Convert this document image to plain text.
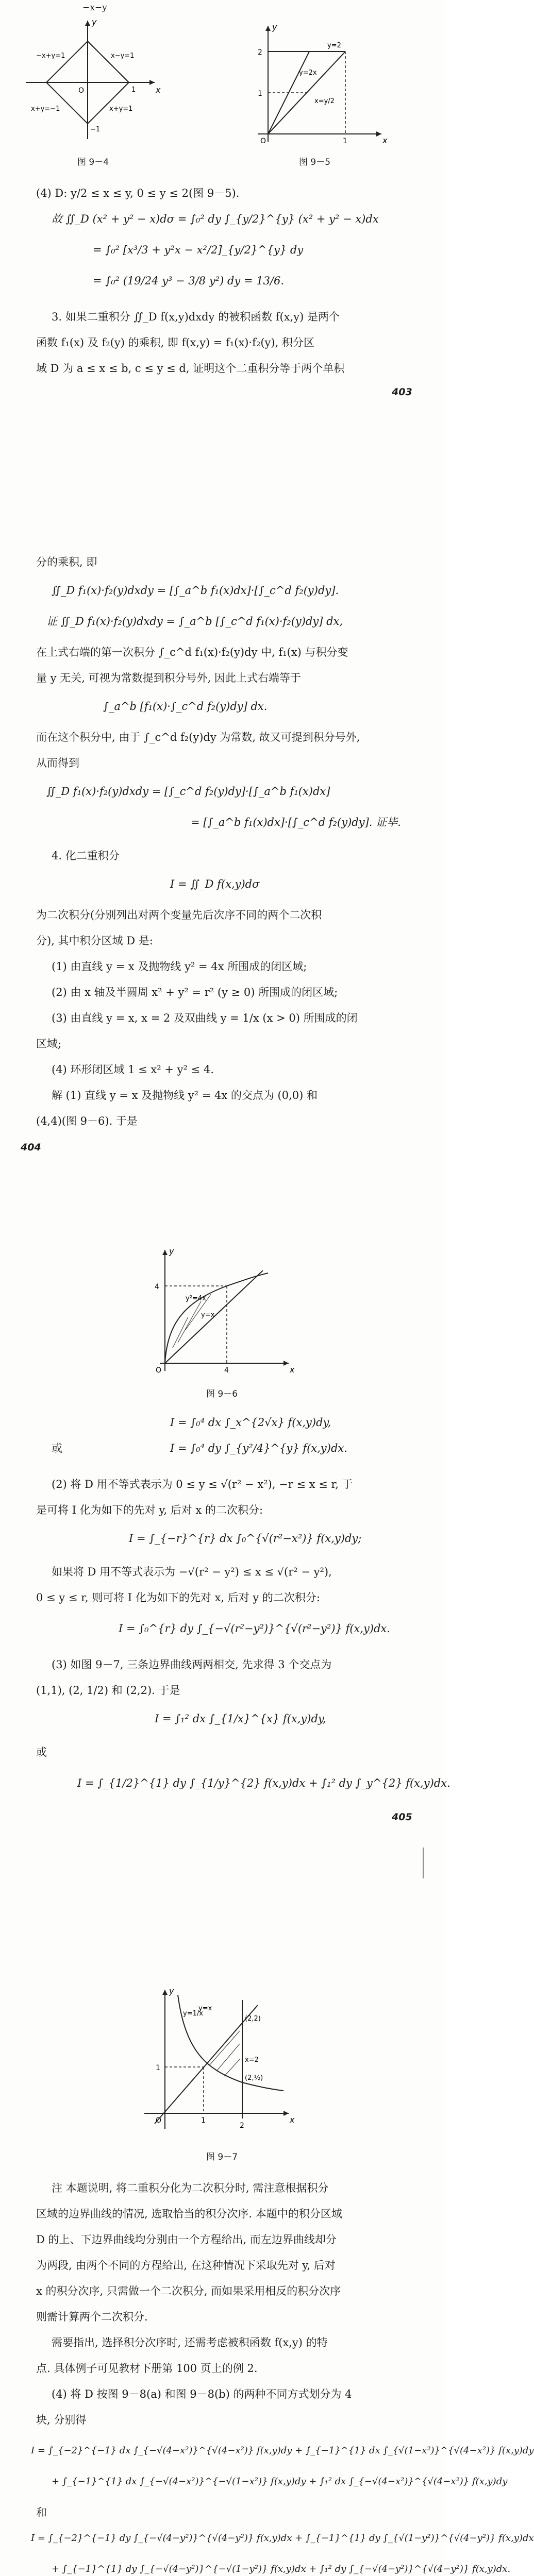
−x−y
y
x
O
−x+y=1	x−y=1
x+y=−1	x+y=1
1
−1
图 9－4
y
2
1
y=2
y=2x
x=y/2
O	1	x
图 9－5
(4) D: y/2 ≤ x ≤ y, 0 ≤ y ≤ 2(图 9－5).
故 ∬_D (x² + y² − x)dσ = ∫₀² dy ∫_{y/2}^{y} (x² + y² − x)dx
= ∫₀² [x³/3 + y²x − x²/2]_{y/2}^{y} dy
= ∫₀² (19/24 y³ − 3/8 y²) dy = 13/6.
3. 如果二重积分 ∬_D f(x,y)dxdy 的被积函数 f(x,y) 是两个
函数 f₁(x) 及 f₂(y) 的乘积, 即 f(x,y) = f₁(x)·f₂(y), 积分区
域 D 为 a ≤ x ≤ b, c ≤ y ≤ d, 证明这个二重积分等于两个单积
403
分的乘积, 即
∬_D f₁(x)·f₂(y)dxdy = [∫_a^b f₁(x)dx]·[∫_c^d f₂(y)dy].
证 ∬_D f₁(x)·f₂(y)dxdy = ∫_a^b [∫_c^d f₁(x)·f₂(y)dy] dx,
在上式右端的第一次积分 ∫_c^d f₁(x)·f₂(y)dy 中, f₁(x) 与积分变
量 y 无关, 可视为常数提到积分号外, 因此上式右端等于
∫_a^b [f₁(x)·∫_c^d f₂(y)dy] dx.
而在这个积分中, 由于 ∫_c^d f₂(y)dy 为常数, 故又可提到积分号外,
从而得到
∬_D f₁(x)·f₂(y)dxdy = [∫_c^d f₂(y)dy]·[∫_a^b f₁(x)dx]
= [∫_a^b f₁(x)dx]·[∫_c^d f₂(y)dy]. 证毕.
4. 化二重积分
I = ∬_D f(x,y)dσ
为二次积分(分别列出对两个变量先后次序不同的两个二次积
分), 其中积分区域 D 是:
(1) 由直线 y = x 及抛物线 y² = 4x 所围成的闭区域;
(2) 由 x 轴及半圆周 x² + y² = r² (y ≥ 0) 所围成的闭区域;
(3) 由直线 y = x, x = 2 及双曲线 y = 1/x (x > 0) 所围成的闭
区域;
(4) 环形闭区域 1 ≤ x² + y² ≤ 4.
解 (1) 直线 y = x 及抛物线 y² = 4x 的交点为 (0,0) 和
(4,4)(图 9－6). 于是
404
y
4
y=x
y²=4x
O	4	x
图 9－6
I = ∫₀⁴ dx ∫_x^{2√x} f(x,y)dy,
或	I = ∫₀⁴ dy ∫_{y²/4}^{y} f(x,y)dx.
(2) 将 D 用不等式表示为 0 ≤ y ≤ √(r² − x²), −r ≤ x ≤ r, 于
是可将 I 化为如下的先对 y, 后对 x 的二次积分:
I = ∫_{−r}^{r} dx ∫₀^{√(r²−x²)} f(x,y)dy;
如果将 D 用不等式表示为 −√(r² − y²) ≤ x ≤ √(r² − y²),
0 ≤ y ≤ r, 则可将 I 化为如下的先对 x, 后对 y 的二次积分:
I = ∫₀^{r} dy ∫_{−√(r²−y²)}^{√(r²−y²)} f(x,y)dx.
(3) 如图 9－7, 三条边界曲线两两相交, 先求得 3 个交点为
(1,1), (2, 1/2) 和 (2,2). 于是
I = ∫₁² dx ∫_{1/x}^{x} f(x,y)dy,
或
I = ∫_{1/2}^{1} dy ∫_{1/y}^{2} f(x,y)dx + ∫₁² dy ∫_y^{2} f(x,y)dx.
405
y
y=x
(2,2)
1
x=2
(2,½)
y=1/x
O	1
2
x
图 9－7
注 本题说明, 将二重积分化为二次积分时, 需注意根据积分
区域的边界曲线的情况, 选取恰当的积分次序. 本题中的积分区域
D 的上、下边界曲线均分别由一个方程给出, 而左边界曲线却分
为两段, 由两个不同的方程给出, 在这种情况下采取先对 y, 后对
x 的积分次序, 只需做一个二次积分, 而如果采用相反的积分次序
则需计算两个二次积分.
需要指出, 选择积分次序时, 还需考虑被积函数 f(x,y) 的特
点. 具体例子可见教材下册第 100 页上的例 2.
(4) 将 D 按图 9－8(a) 和图 9－8(b) 的两种不同方式划分为 4
块, 分别得
I = ∫_{−2}^{−1} dx ∫_{−√(4−x²)}^{√(4−x²)} f(x,y)dy + ∫_{−1}^{1} dx ∫_{√(1−x²)}^{√(4−x²)} f(x,y)dy
+ ∫_{−1}^{1} dx ∫_{−√(4−x²)}^{−√(1−x²)} f(x,y)dy + ∫₁² dx ∫_{−√(4−x²)}^{√(4−x²)} f(x,y)dy
和
I = ∫_{−2}^{−1} dy ∫_{−√(4−y²)}^{√(4−y²)} f(x,y)dx + ∫_{−1}^{1} dy ∫_{√(1−y²)}^{√(4−y²)} f(x,y)dx
+ ∫_{−1}^{1} dy ∫_{−√(4−y²)}^{−√(1−y²)} f(x,y)dx + ∫₁² dy ∫_{−√(4−y²)}^{√(4−y²)} f(x,y)dx.
